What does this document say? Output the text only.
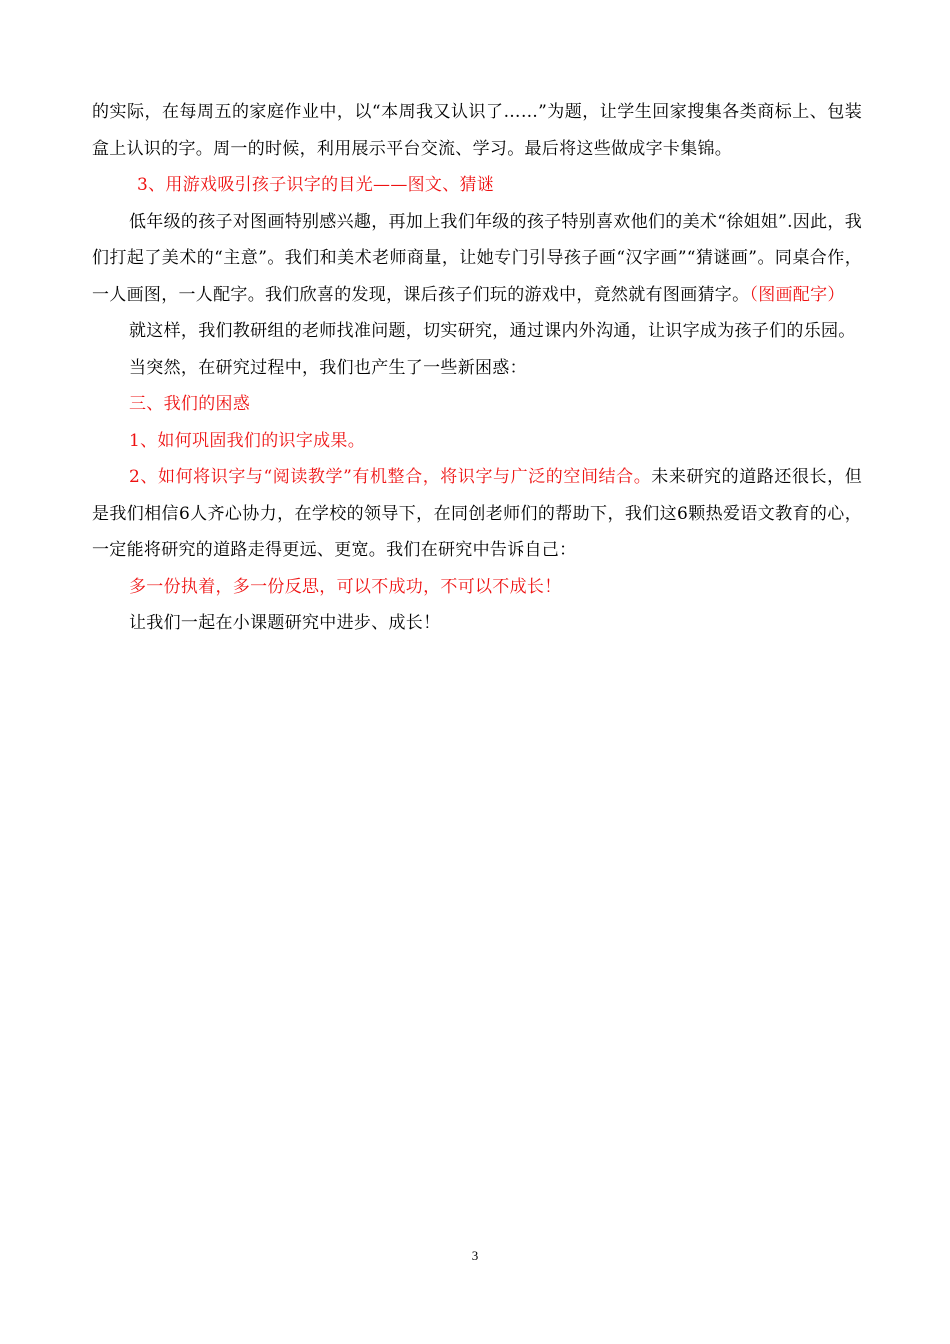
的实际，在每周五的家庭作业中，以“本周我又认识了……”为题，让学生回家搜集各类商标上、包装盒上认识的字。周一的时候，利用展示平台交流、学习。最后将这些做成字卡集锦。

3、用游戏吸引孩子识字的目光——图文、猜谜

低年级的孩子对图画特别感兴趣，再加上我们年级的孩子特别喜欢他们的美术“徐姐姐”.因此，我们打起了美术的“主意”。我们和美术老师商量，让她专门引导孩子画“汉字画”“猜谜画”。同桌合作，一人画图，一人配字。我们欣喜的发现，课后孩子们玩的游戏中，竟然就有图画猜字。（图画配字）

就这样，我们教研组的老师找准问题，切实研究，通过课内外沟通，让识字成为孩子们的乐园。

当突然，在研究过程中，我们也产生了一些新困惑：

三、我们的困惑

1、如何巩固我们的识字成果。

2、如何将识字与“阅读教学”有机整合，将识字与广泛的空间结合。未来研究的道路还很长，但是我们相信6人齐心协力，在学校的领导下，在同创老师们的帮助下，我们这6颗热爱语文教育的心，一定能将研究的道路走得更远、更宽。我们在研究中告诉自己：

多一份执着，多一份反思，可以不成功，不可以不成长！

让我们一起在小课题研究中进步、成长！

3
